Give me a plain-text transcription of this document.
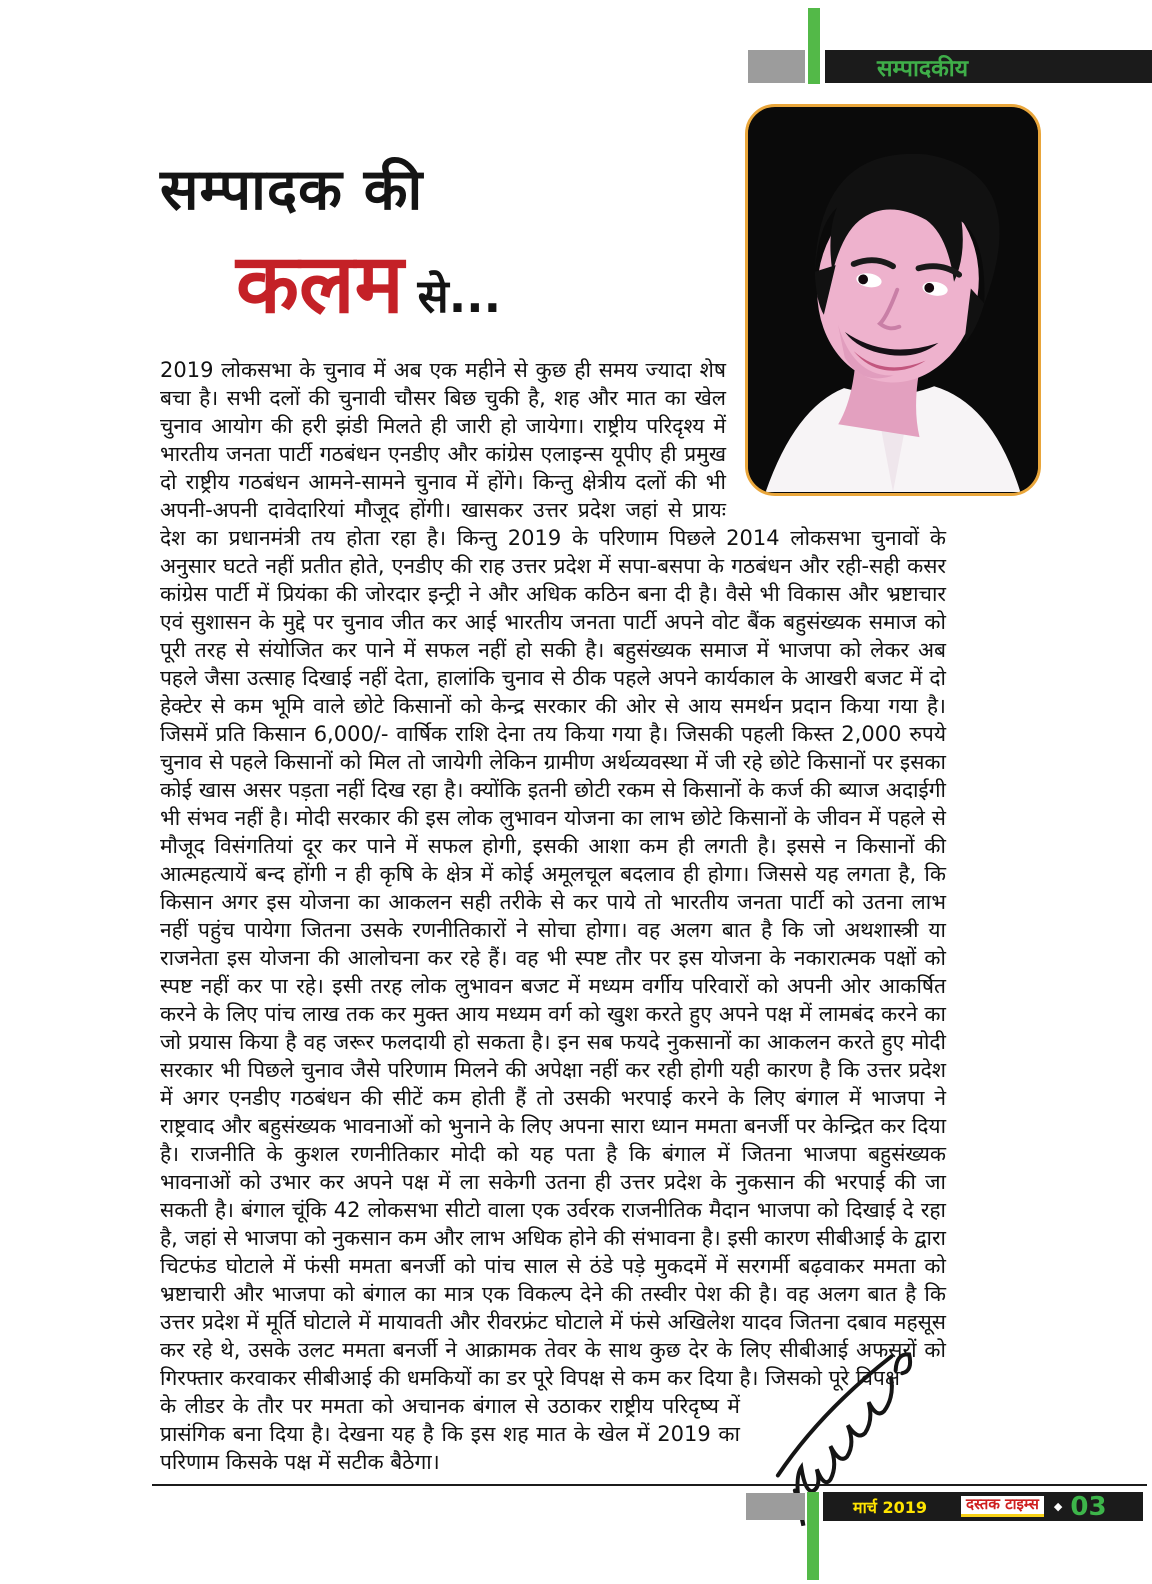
सम्पादकीय
सम्पादक की
कलम से...
2019 लोकसभा के चुनाव में अब एक महीने से कुछ ही समय ज्यादा शेष बचा है। सभी दलों की चुनावी चौसर बिछ चुकी है, शह और मात का खेल चुनाव आयोग की हरी झंडी मिलते ही जारी हो जायेगा। राष्ट्रीय परिदृश्य में भारतीय जनता पार्टी गठबंधन एनडीए और कांग्रेस एलाइन्स यूपीए ही प्रमुख दो राष्ट्रीय गठबंधन आमने-सामने चुनाव में होंगे। किन्तु क्षेत्रीय दलों की भी अपनी-अपनी दावेदारियां मौजूद होंगी। खासकर उत्तर प्रदेश जहां से प्रायः देश का प्रधानमंत्री तय होता रहा है। किन्तु 2019 के परिणाम पिछले 2014 लोकसभा चुनावों के अनुसार घटते नहीं प्रतीत होते, एनडीए की राह उत्तर प्रदेश में सपा-बसपा के गठबंधन और रही-सही कसर कांग्रेस पार्टी में प्रियंका की जोरदार इन्ट्री ने और अधिक कठिन बना दी है। वैसे भी विकास और भ्रष्टाचार एवं सुशासन के मुद्दे पर चुनाव जीत कर आई भारतीय जनता पार्टी अपने वोट बैंक बहुसंख्यक समाज को पूरी तरह से संयोजित कर पाने में सफल नहीं हो सकी है। बहुसंख्यक समाज में भाजपा को लेकर अब पहले जैसा उत्साह दिखाई नहीं देता, हालांकि चुनाव से ठीक पहले अपने कार्यकाल के आखरी बजट में दो हेक्टेर से कम भूमि वाले छोटे किसानों को केन्द्र सरकार की ओर से आय समर्थन प्रदान किया गया है। जिसमें प्रति किसान 6,000/- वार्षिक राशि देना तय किया गया है। जिसकी पहली किस्त 2,000 रुपये चुनाव से पहले किसानों को मिल तो जायेगी लेकिन ग्रामीण अर्थव्यवस्था में जी रहे छोटे किसानों पर इसका कोई खास असर पड़ता नहीं दिख रहा है। क्योंकि इतनी छोटी रकम से किसानों के कर्ज की ब्याज अदाईगी भी संभव नहीं है। मोदी सरकार की इस लोक लुभावन योजना का लाभ छोटे किसानों के जीवन में पहले से मौजूद विसंगतियां दूर कर पाने में सफल होगी, इसकी आशा कम ही लगती है। इससे न किसानों की आत्महत्यायें बन्द होंगी न ही कृषि के क्षेत्र में कोई अमूलचूल बदलाव ही होगा। जिससे यह लगता है, कि किसान अगर इस योजना का आकलन सही तरीके से कर पाये तो भारतीय जनता पार्टी को उतना लाभ नहीं पहुंच पायेगा जितना उसके रणनीतिकारों ने सोचा होगा। वह अलग बात है कि जो अथशास्त्री या राजनेता इस योजना की आलोचना कर रहे हैं। वह भी स्पष्ट तौर पर इस योजना के नकारात्मक पक्षों को स्पष्ट नहीं कर पा रहे। इसी तरह लोक लुभावन बजट में मध्यम वर्गीय परिवारों को अपनी ओर आकर्षित करने के लिए पांच लाख तक कर मुक्त आय मध्यम वर्ग को खुश करते हुए अपने पक्ष में लामबंद करने का जो प्रयास किया है वह जरूर फलदायी हो सकता है। इन सब फयदे नुकसानों का आकलन करते हुए मोदी सरकार भी पिछले चुनाव जैसे परिणाम मिलने की अपेक्षा नहीं कर रही होगी यही कारण है कि उत्तर प्रदेश में अगर एनडीए गठबंधन की सीटें कम होती हैं तो उसकी भरपाई करने के लिए बंगाल में भाजपा ने राष्ट्रवाद और बहुसंख्यक भावनाओं को भुनाने के लिए अपना सारा ध्यान ममता बनर्जी पर केन्द्रित कर दिया है। राजनीति के कुशल रणनीतिकार मोदी को यह पता है कि बंगाल में जितना भाजपा बहुसंख्यक भावनाओं को उभार कर अपने पक्ष में ला सकेगी उतना ही उत्तर प्रदेश के नुकसान की भरपाई की जा सकती है। बंगाल चूंकि 42 लोकसभा सीटो वाला एक उर्वरक राजनीतिक मैदान भाजपा को दिखाई दे रहा है, जहां से भाजपा को नुकसान कम और लाभ अधिक होने की संभावना है। इसी कारण सीबीआई के द्वारा चिटफंड घोटाले में फंसी ममता बनर्जी को पांच साल से ठंडे पड़े मुकदमें में सरगर्मी बढ़वाकर ममता को भ्रष्टाचारी और भाजपा को बंगाल का मात्र एक विकल्प देने की तस्वीर पेश की है। वह अलग बात है कि उत्तर प्रदेश में मूर्ति घोटाले में मायावती और रीवरफ्रंट घोटाले में फंसे अखिलेश यादव जितना दबाव महसूस कर रहे थे, उसके उलट ममता बनर्जी ने आक्रामक तेवर के साथ कुछ देर के लिए सीबीआई अफसरों को गिरफ्तार करवाकर सीबीआई की धमकियों का डर पूरे विपक्ष से कम कर दिया है। जिसको पूरे विपक्ष
के लीडर के तौर पर ममता को अचानक बंगाल से उठाकर राष्ट्रीय परिदृष्य में प्रासंगिक बना दिया है। देखना यह है कि इस शह मात के खेल में 2019 का परिणाम किसके पक्ष में सटीक बैठेगा।
मार्च 2019	दस्तक टाइम्स	◆ 03
